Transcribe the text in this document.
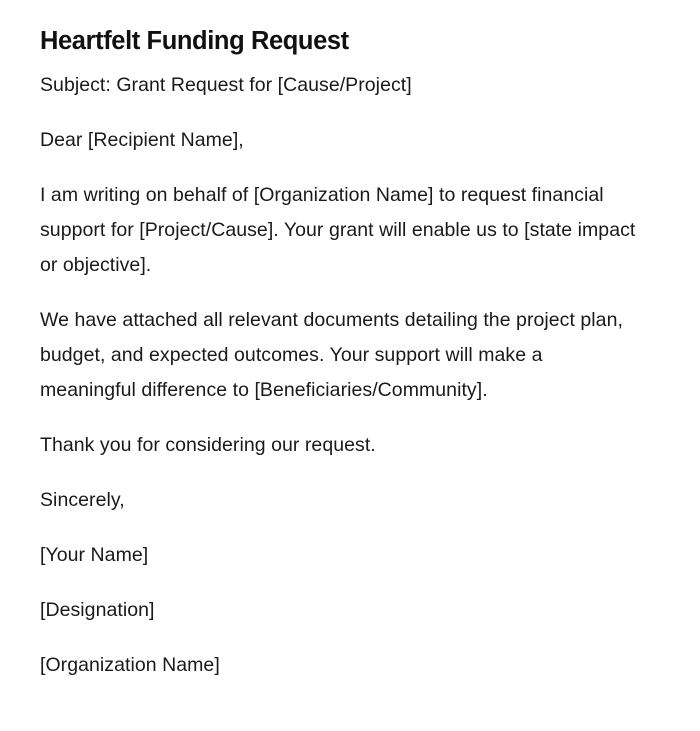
Heartfelt Funding Request

Subject: Grant Request for [Cause/Project]

Dear [Recipient Name],

I am writing on behalf of [Organization Name] to request financial support for [Project/Cause]. Your grant will enable us to [state impact or objective].

We have attached all relevant documents detailing the project plan, budget, and expected outcomes. Your support will make a meaningful difference to [Beneficiaries/Community].

Thank you for considering our request.

Sincerely,

[Your Name]

[Designation]

[Organization Name]
